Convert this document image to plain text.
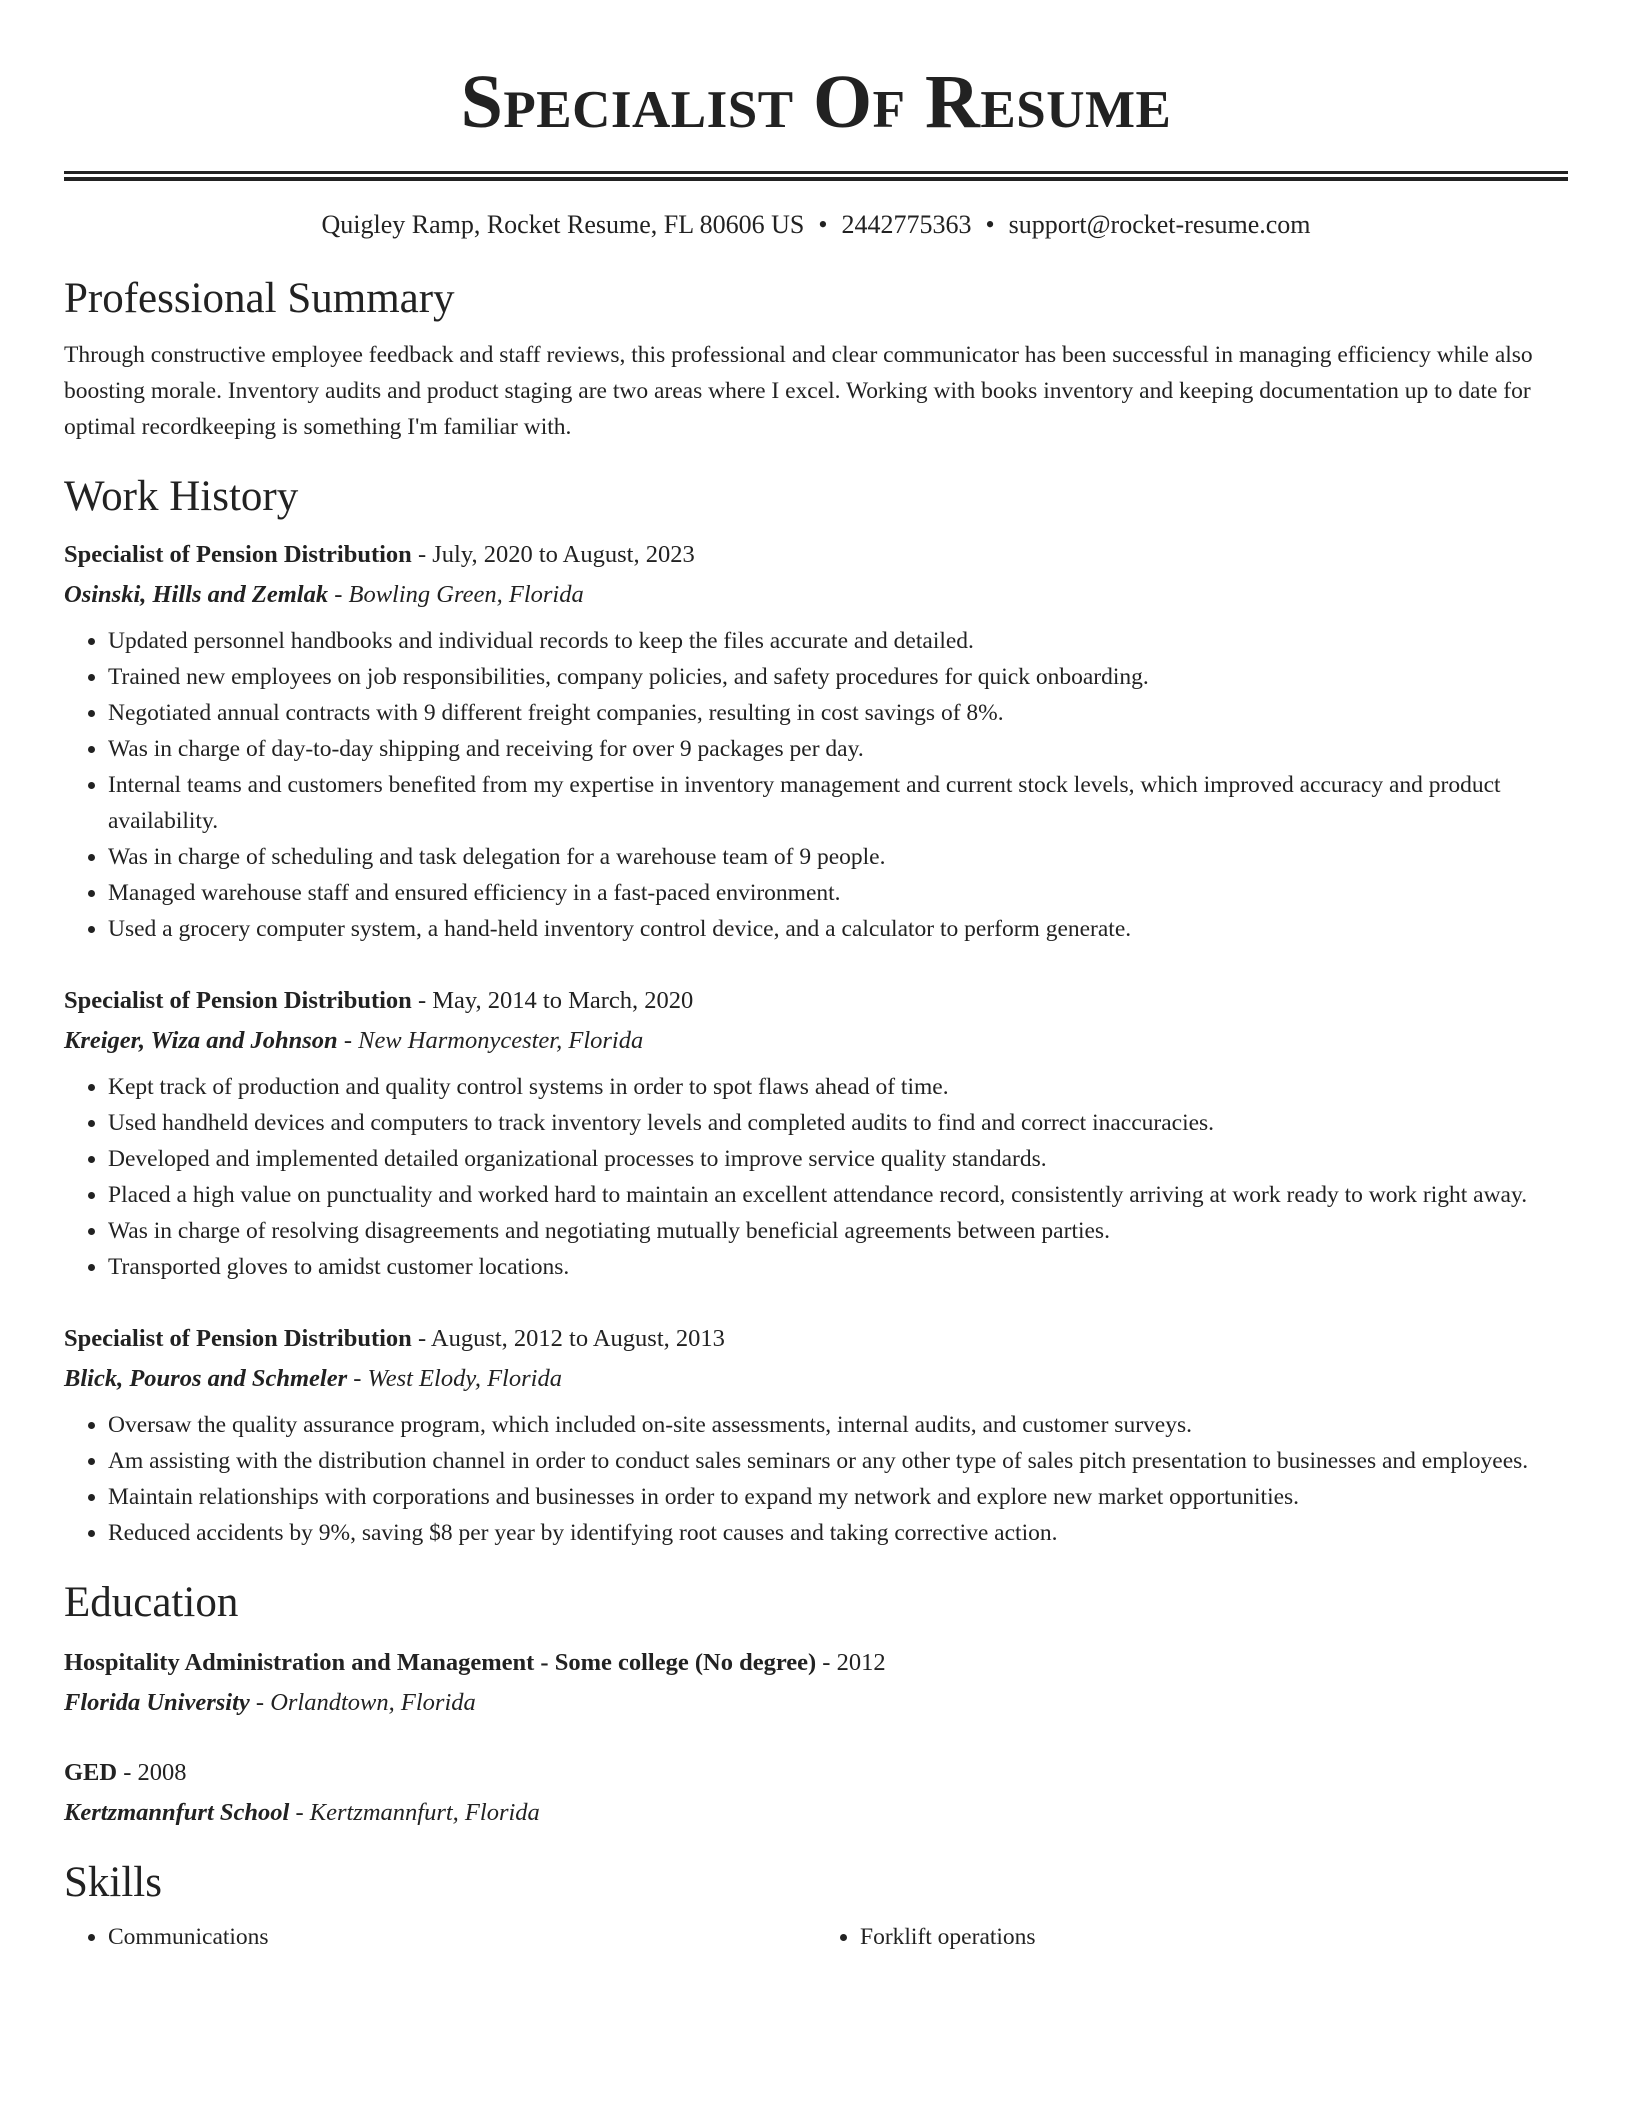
Specialist Of Resume
Quigley Ramp, Rocket Resume, FL 80606 US • 2442775363 • support@rocket-resume.com
Professional Summary

Through constructive employee feedback and staff reviews, this professional and clear communicator has been successful in managing efficiency while also boosting morale. Inventory audits and product staging are two areas where I excel. Working with books inventory and keeping documentation up to date for optimal recordkeeping is something I'm familiar with.

Work History
Specialist of Pension Distribution - July, 2020 to August, 2023
Osinski, Hills and Zemlak - Bowling Green, Florida
• Updated personnel handbooks and individual records to keep the files accurate and detailed.
• Trained new employees on job responsibilities, company policies, and safety procedures for quick onboarding.
• Negotiated annual contracts with 9 different freight companies, resulting in cost savings of 8%.
• Was in charge of day-to-day shipping and receiving for over 9 packages per day.
• Internal teams and customers benefited from my expertise in inventory management and current stock levels, which improved accuracy and product availability.
• Was in charge of scheduling and task delegation for a warehouse team of 9 people.
• Managed warehouse staff and ensured efficiency in a fast-paced environment.
• Used a grocery computer system, a hand-held inventory control device, and a calculator to perform generate.
Specialist of Pension Distribution - May, 2014 to March, 2020
Kreiger, Wiza and Johnson - New Harmonycester, Florida
• Kept track of production and quality control systems in order to spot flaws ahead of time.
• Used handheld devices and computers to track inventory levels and completed audits to find and correct inaccuracies.
• Developed and implemented detailed organizational processes to improve service quality standards.
• Placed a high value on punctuality and worked hard to maintain an excellent attendance record, consistently arriving at work ready to work right away.
• Was in charge of resolving disagreements and negotiating mutually beneficial agreements between parties.
• Transported gloves to amidst customer locations.
Specialist of Pension Distribution - August, 2012 to August, 2013
Blick, Pouros and Schmeler - West Elody, Florida
• Oversaw the quality assurance program, which included on-site assessments, internal audits, and customer surveys.
• Am assisting with the distribution channel in order to conduct sales seminars or any other type of sales pitch presentation to businesses and employees.
• Maintain relationships with corporations and businesses in order to expand my network and explore new market opportunities.
• Reduced accidents by 9%, saving $8 per year by identifying root causes and taking corrective action.
Education
Hospitality Administration and Management - Some college (No degree) - 2012
Florida University - Orlandtown, Florida
GED - 2008
Kertzmannfurt School - Kertzmannfurt, Florida
Skills
• Communications
•	Forklift operations
